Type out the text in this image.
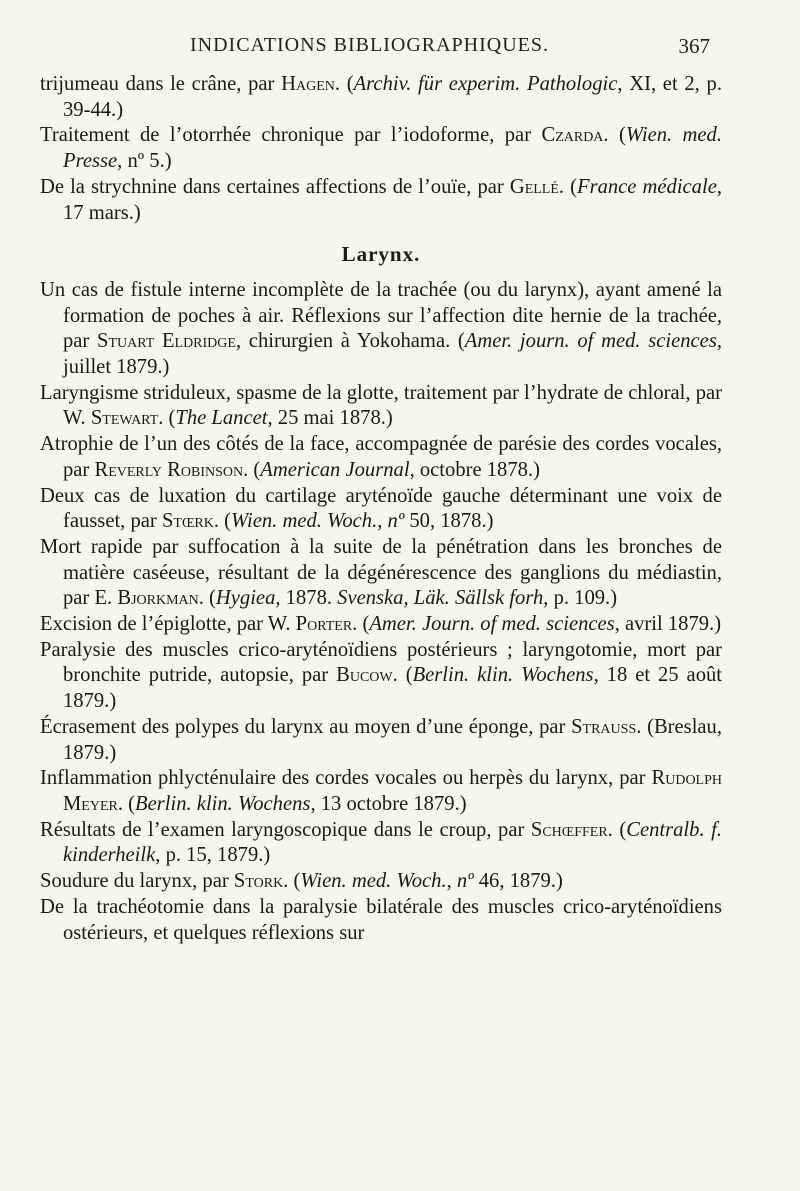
INDICATIONS BIBLIOGRAPHIQUES.	367

trijumeau dans le crâne, par Hagen. (Archiv. für experim. Pathologic, XI, et 2, p. 39-44.)

Traitement de l’otorrhée chronique par l’iodoforme, par Czarda. (Wien. med. Presse, nº 5.)

De la strychnine dans certaines affections de l’ouïe, par Gellé. (France médicale, 17 mars.)

Larynx.

Un cas de fistule interne incomplète de la trachée (ou du larynx), ayant amené la formation de poches à air. Réflexions sur l’affection dite hernie de la trachée, par Stuart Eldridge, chirurgien à Yokohama. (Amer. journ. of med. sciences, juillet 1879.)

Laryngisme striduleux, spasme de la glotte, traitement par l’hydrate de chloral, par W. Stewart. (The Lancet, 25 mai 1878.)

Atrophie de l’un des côtés de la face, accompagnée de parésie des cordes vocales, par Reverly Robinson. (American Journal, octobre 1878.)

Deux cas de luxation du cartilage aryténoïde gauche déterminant une voix de fausset, par Stœrk. (Wien. med. Woch., nº 50, 1878.)

Mort rapide par suffocation à la suite de la pénétration dans les bronches de matière caséeuse, résultant de la dégénérescence des ganglions du médiastin, par E. Bjorkman. (Hygiea, 1878. Svenska, Läk. Sällsk forh, p. 109.)

Excision de l’épiglotte, par W. Porter. (Amer. Journ. of med. sciences, avril 1879.)

Paralysie des muscles crico-aryténoïdiens postérieurs ; laryngotomie, mort par bronchite putride, autopsie, par Bucow. (Berlin. klin. Wochens, 18 et 25 août 1879.)

Écrasement des polypes du larynx au moyen d’une éponge, par Strauss. (Breslau, 1879.)

Inflammation phlycténulaire des cordes vocales ou herpès du larynx, par Rudolph Meyer. (Berlin. klin. Wochens, 13 octobre 1879.)

Résultats de l’examen laryngoscopique dans le croup, par Schœffer. (Centralb. f. kinderheilk, p. 15, 1879.)

Soudure du larynx, par Stork. (Wien. med. Woch., nº 46, 1879.)

De la trachéotomie dans la paralysie bilatérale des muscles crico-aryténoïdiens ostérieurs, et quelques réflexions sur
